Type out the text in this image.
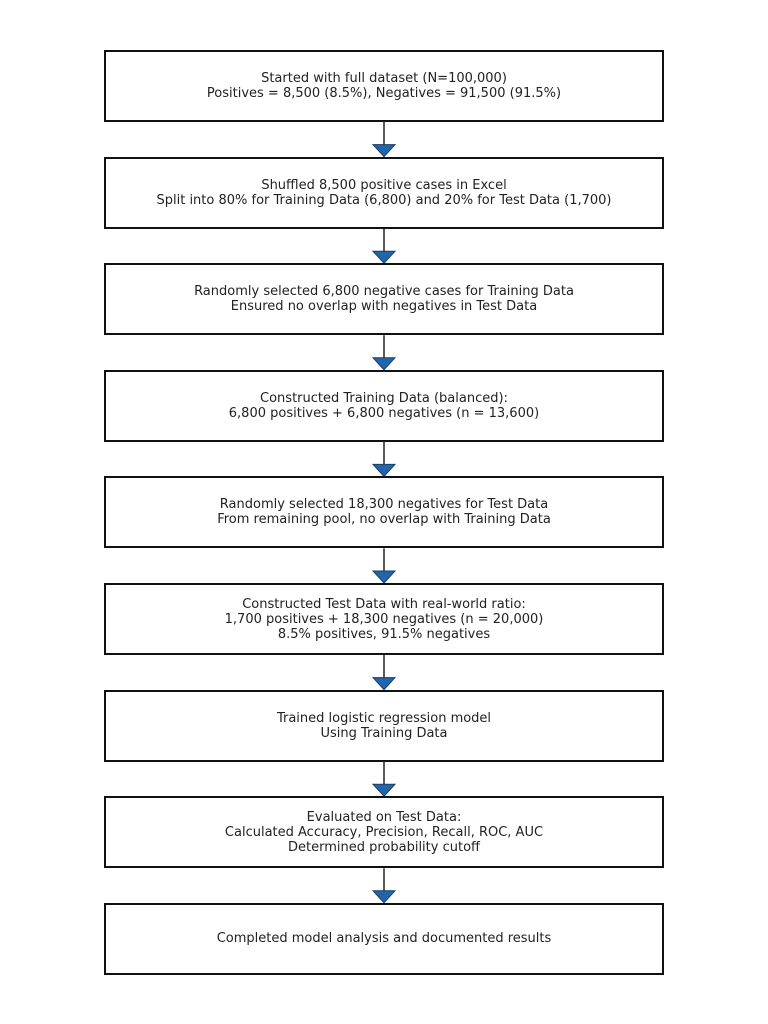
Started with full dataset (N=100,000)
Positives = 8,500 (8.5%), Negatives = 91,500 (91.5%)
Shuffled 8,500 positive cases in Excel
Split into 80% for Training Data (6,800) and 20% for Test Data (1,700)
Randomly selected 6,800 negative cases for Training Data
Ensured no overlap with negatives in Test Data
Constructed Training Data (balanced):
6,800 positives + 6,800 negatives (n = 13,600)
Randomly selected 18,300 negatives for Test Data
From remaining pool, no overlap with Training Data
Constructed Test Data with real-world ratio:
1,700 positives + 18,300 negatives (n = 20,000)
8.5% positives, 91.5% negatives
Trained logistic regression model
Using Training Data
Evaluated on Test Data:
Calculated Accuracy, Precision, Recall, ROC, AUC
Determined probability cutoff
Completed model analysis and documented results
